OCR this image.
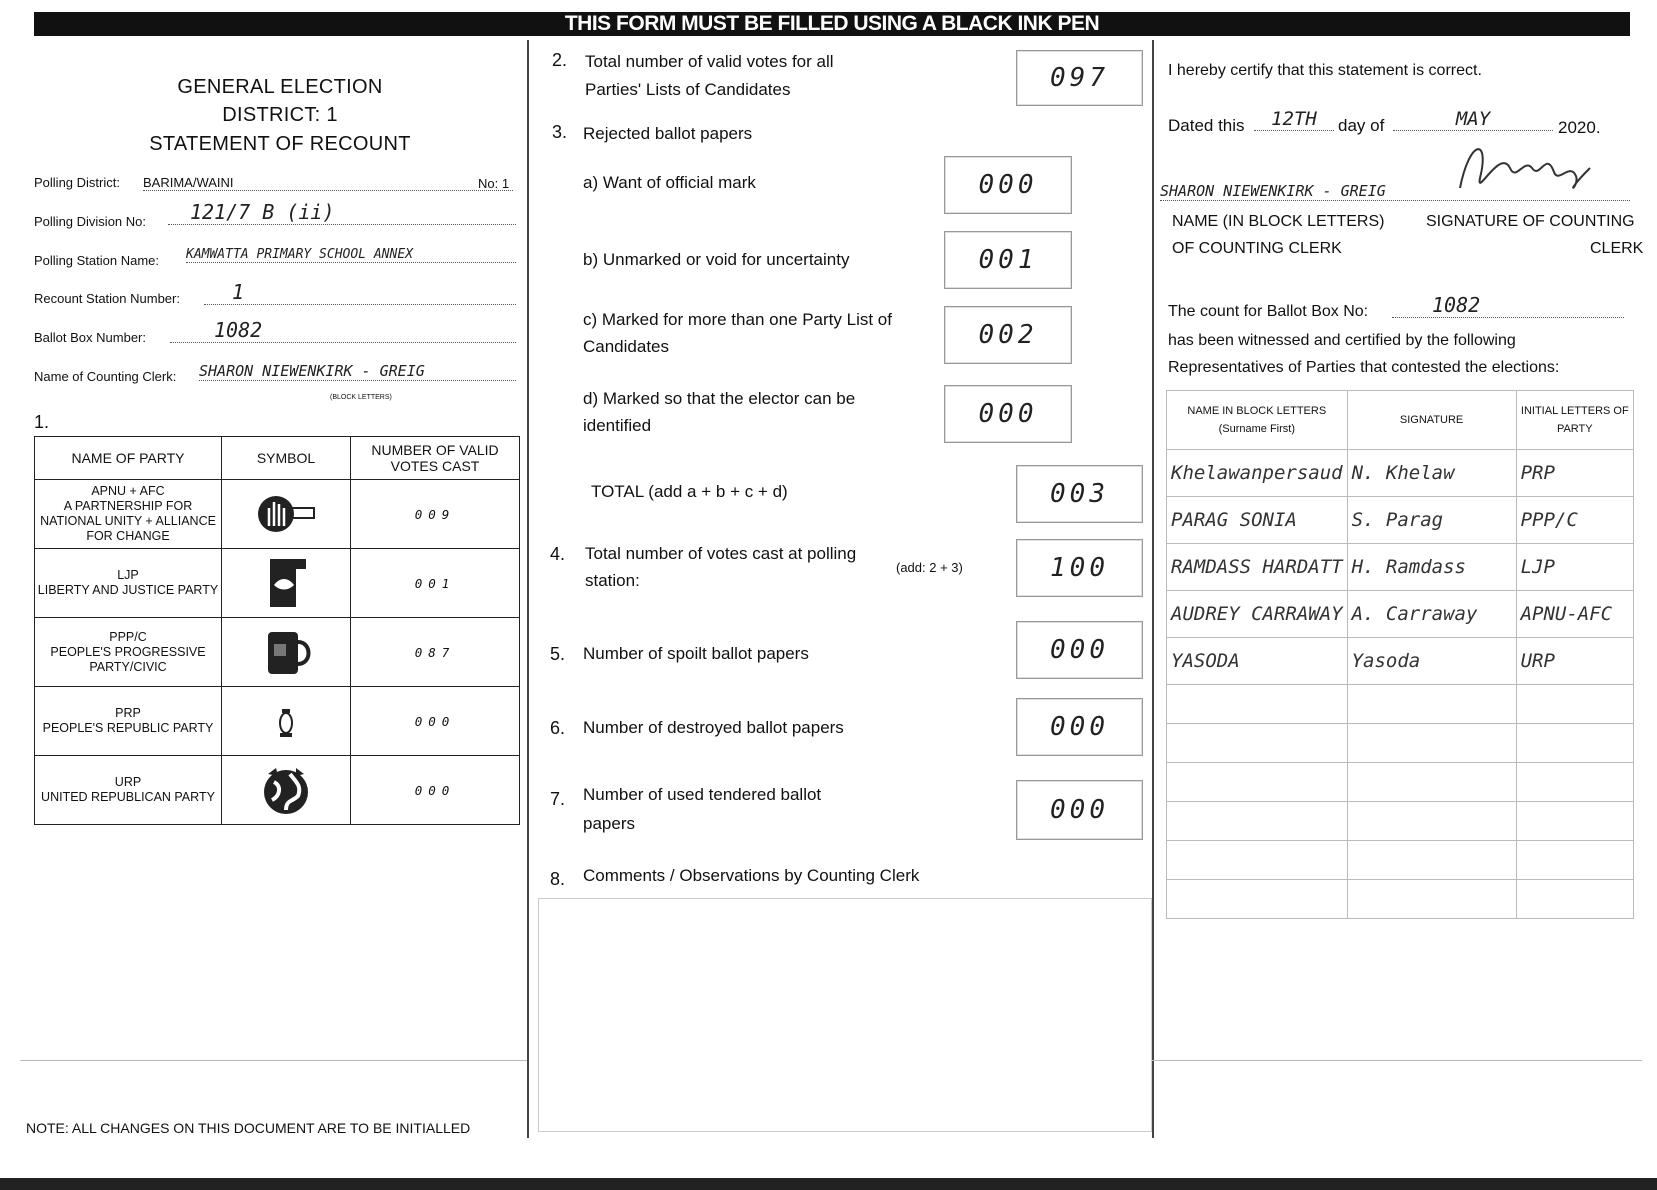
THIS FORM MUST BE FILLED USING A BLACK INK PEN
GENERAL ELECTION
DISTRICT: 1
STATEMENT OF RECOUNT
Polling District: BARIMA/WAINI	No: 1
Polling Division No:	121/7 B (ii)
Polling Station Name: KAMWATTA PRIMARY SCHOOL ANNEX
Recount Station Number:	1
Ballot Box Number:	1082
Name of Counting Clerk: SHARON NIEWENKIRK - GREIG
(BLOCK LETTERS)
1.
NAME OF PARTY	SYMBOL	NUMBER OF VALID VOTES CAST

APNU + AFC
A PARTNERSHIP FOR NATIONAL UNITY + ALLIANCE FOR CHANGE		009

LJP
LIBERTY AND JUSTICE PARTY		001

PPP/C
PEOPLE'S PROGRESSIVE PARTY/CIVIC		087

PRP
PEOPLE'S REPUBLIC PARTY		000

URP
UNITED REPUBLICAN PARTY		000
NOTE: ALL CHANGES ON THIS DOCUMENT ARE TO BE INITIALLED
2. Total number of valid votes for all
Parties' Lists of Candidates	097
3. Rejected ballot papers
a) Want of official mark	000
b) Unmarked or void for uncertainty	001
c) Marked for more than one Party List of
Candidates	002
d) Marked so that the elector can be
identified	000
TOTAL (add a + b + c + d)	003
4. Total number of votes cast at polling
station:
(add: 2 + 3)	100
5. Number of spoilt ballot papers	000
6. Number of destroyed ballot papers	000
7. Number of used tendered ballot
papers	000
8. Comments / Observations by Counting Clerk
I hereby certify that this statement is correct.
Dated this	12TH	day of	MAY	2020.
SHARON NIEWENKIRK - GREIG
NAME (IN BLOCK LETTERS)
OF COUNTING CLERK
SIGNATURE OF COUNTING
CLERK
The count for Ballot Box No:	1082
has been witnessed and certified by the following
Representatives of Parties that contested the elections:
NAME IN BLOCK LETTERS (Surname First)	SIGNATURE	INITIAL LETTERS OF PARTY
Khelawanpersaud	N. Khelaw	PRP
PARAG SONIA	S. Parag	PPP/C
RAMDASS HARDATT	H. Ramdass	LJP
AUDREY CARRAWAY	A. Carraway	APNU-AFC
YASODA	Yasoda	URP
